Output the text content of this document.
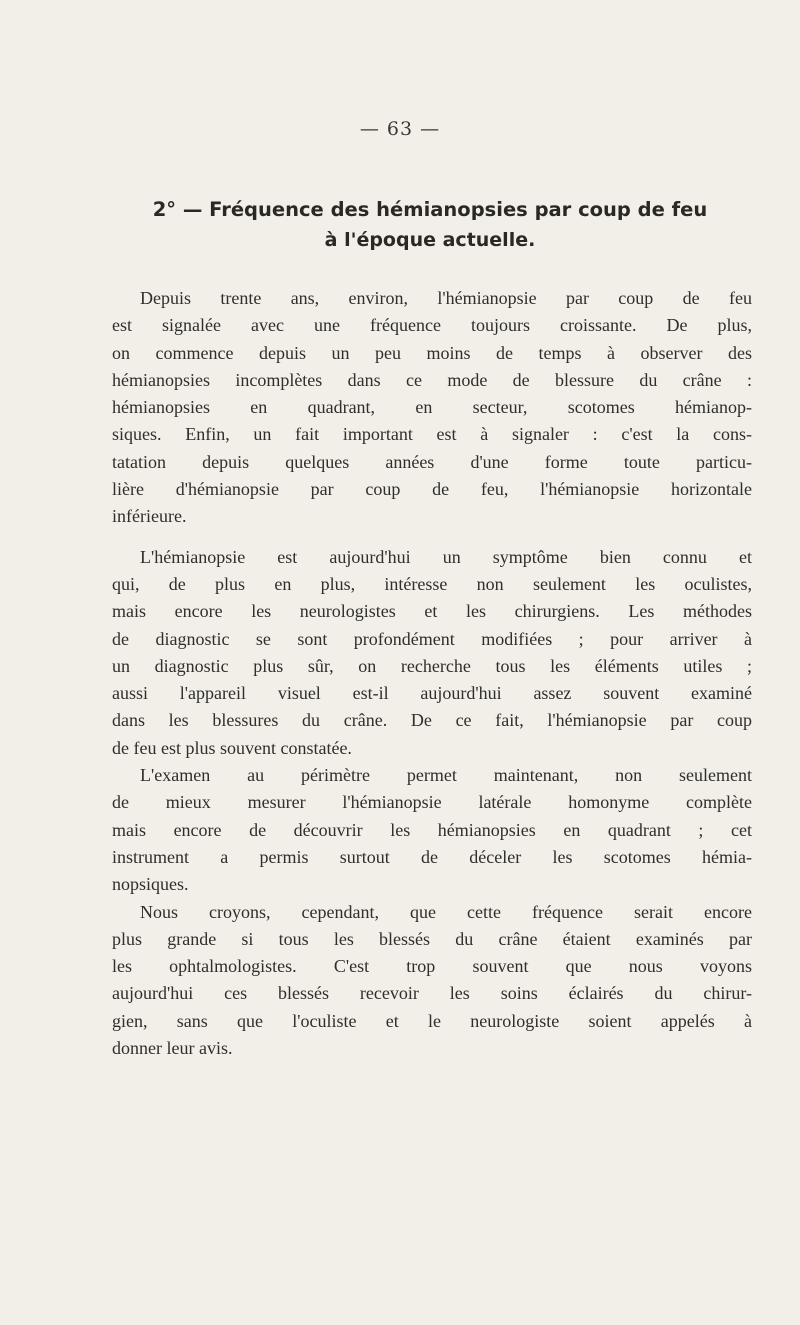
— 63 —
2° — Fréquence des hémianopsies par coup de feu
à l'époque actuelle.
Depuis trente ans, environ, l'hémianopsie par coup de feu
est signalée avec une fréquence toujours croissante. De plus,
on commence depuis un peu moins de temps à observer des
hémianopsies incomplètes dans ce mode de blessure du crâne :
hémianopsies en quadrant, en secteur, scotomes hémianop-
siques. Enfin, un fait important est à signaler : c'est la cons-
tatation depuis quelques années d'une forme toute particu-
lière d'hémianopsie par coup de feu, l'hémianopsie horizontale
inférieure.
L'hémianopsie est aujourd'hui un symptôme bien connu et
qui, de plus en plus, intéresse non seulement les oculistes,
mais encore les neurologistes et les chirurgiens. Les méthodes
de diagnostic se sont profondément modifiées ; pour arriver à
un diagnostic plus sûr, on recherche tous les éléments utiles ;
aussi l'appareil visuel est-il aujourd'hui assez souvent examiné
dans les blessures du crâne. De ce fait, l'hémianopsie par coup
de feu est plus souvent constatée.
L'examen au périmètre permet maintenant, non seulement
de mieux mesurer l'hémianopsie latérale homonyme complète
mais encore de découvrir les hémianopsies en quadrant ; cet
instrument a permis surtout de déceler les scotomes hémia-
nopsiques.
Nous croyons, cependant, que cette fréquence serait encore
plus grande si tous les blessés du crâne étaient examinés par
les ophtalmologistes. C'est trop souvent que nous voyons
aujourd'hui ces blessés recevoir les soins éclairés du chirur-
gien, sans que l'oculiste et le neurologiste soient appelés à
donner leur avis.
